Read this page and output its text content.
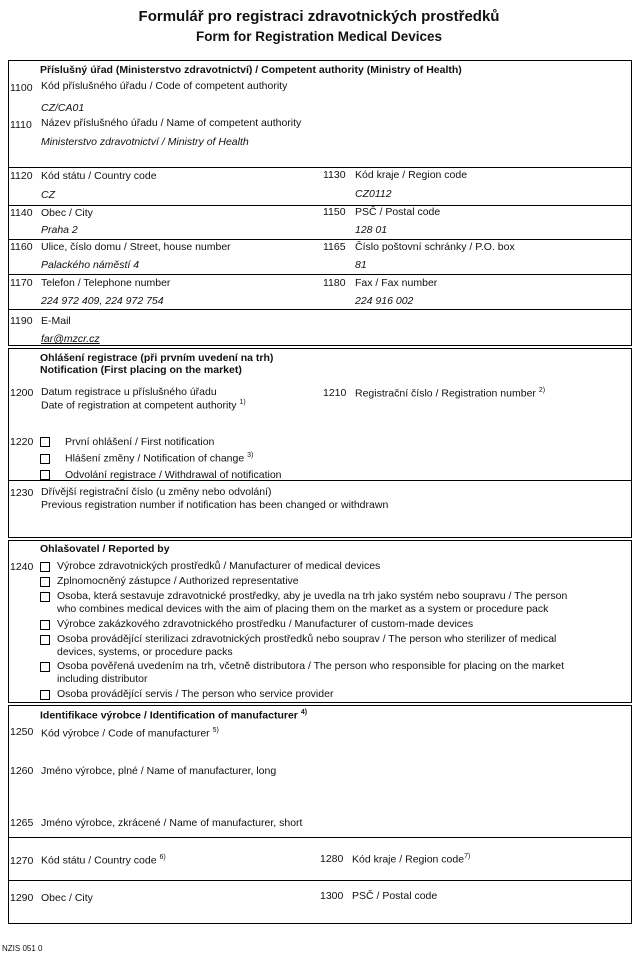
Formulář pro registraci zdravotnických prostředků
Form for Registration Medical Devices
Příslušný úřad (Ministerstvo zdravotnictví) / Competent authority (Ministry of Health)
1100 Kód příslušného úřadu / Code of competent authority
CZ/CA01
1110 Název příslušného úřadu / Name of competent authority
Ministerstvo zdravotnictví / Ministry of Health
1120 Kód státu / Country code
CZ
1130 Kód kraje / Region code
CZ0112
1140 Obec / City
Praha 2
1150 PSČ / Postal code
128 01
1160 Ulice, číslo domu / Street, house number
Palackého náměstí 4
1165 Číslo poštovní schránky / P.O. box
81
1170 Telefon / Telephone number
224 972 409, 224 972 754
1180 Fax / Fax number
224 916 002
1190 E-Mail
far@mzcr.cz
Ohlášení registrace (při prvním uvedení na trh)
Notification (First placing on the market)
1200 Datum registrace u příslušného úřadu
Date of registration at competent authority $^{1)}$
1210 Registrační číslo / Registration number $^{2)}$
1220	První ohlášení / First notification
Hlášení změny / Notification of change $^{3)}$
Odvolání registrace / Withdrawal of notification
1230 Dřívější registrační číslo (u změny nebo odvolání)
Previous registration number if notification has been changed or withdrawn
Ohlašovatel / Reported by
1240 Výrobce zdravotnických prostředků / Manufacturer of medical devices
Zplnomocněný zástupce / Authorized representative
Osoba, která sestavuje zdravotnické prostředky, aby je uvedla na trh jako systém nebo soupravu / The person
who combines medical devices with the aim of placing them on the market as a system or procedure pack
Výrobce zakázkového zdravotnického prostředku / Manufacturer of custom-made devices
Osoba provádějící sterilizaci zdravotnických prostředků nebo souprav / The person who sterilizer of medical
devices, systems, or procedure packs
Osoba pověřená uvedením na trh, včetně distributora / The person who responsible for placing on the market
including distributor
Osoba provádějící servis / The person who service provider
Identifikace výrobce / Identification of manufacturer $^{4)}$
1250 Kód výrobce / Code of manufacturer $^{5)}$
1260 Jméno výrobce, plné / Name of manufacturer, long
1265 Jméno výrobce, zkrácené / Name of manufacturer, short
1270 Kód státu / Country code $^{6)}$	1280 Kód kraje / Region code$^{7)}$
1290 Obec / City	1300 PSČ / Postal code
NZIS 051 0
